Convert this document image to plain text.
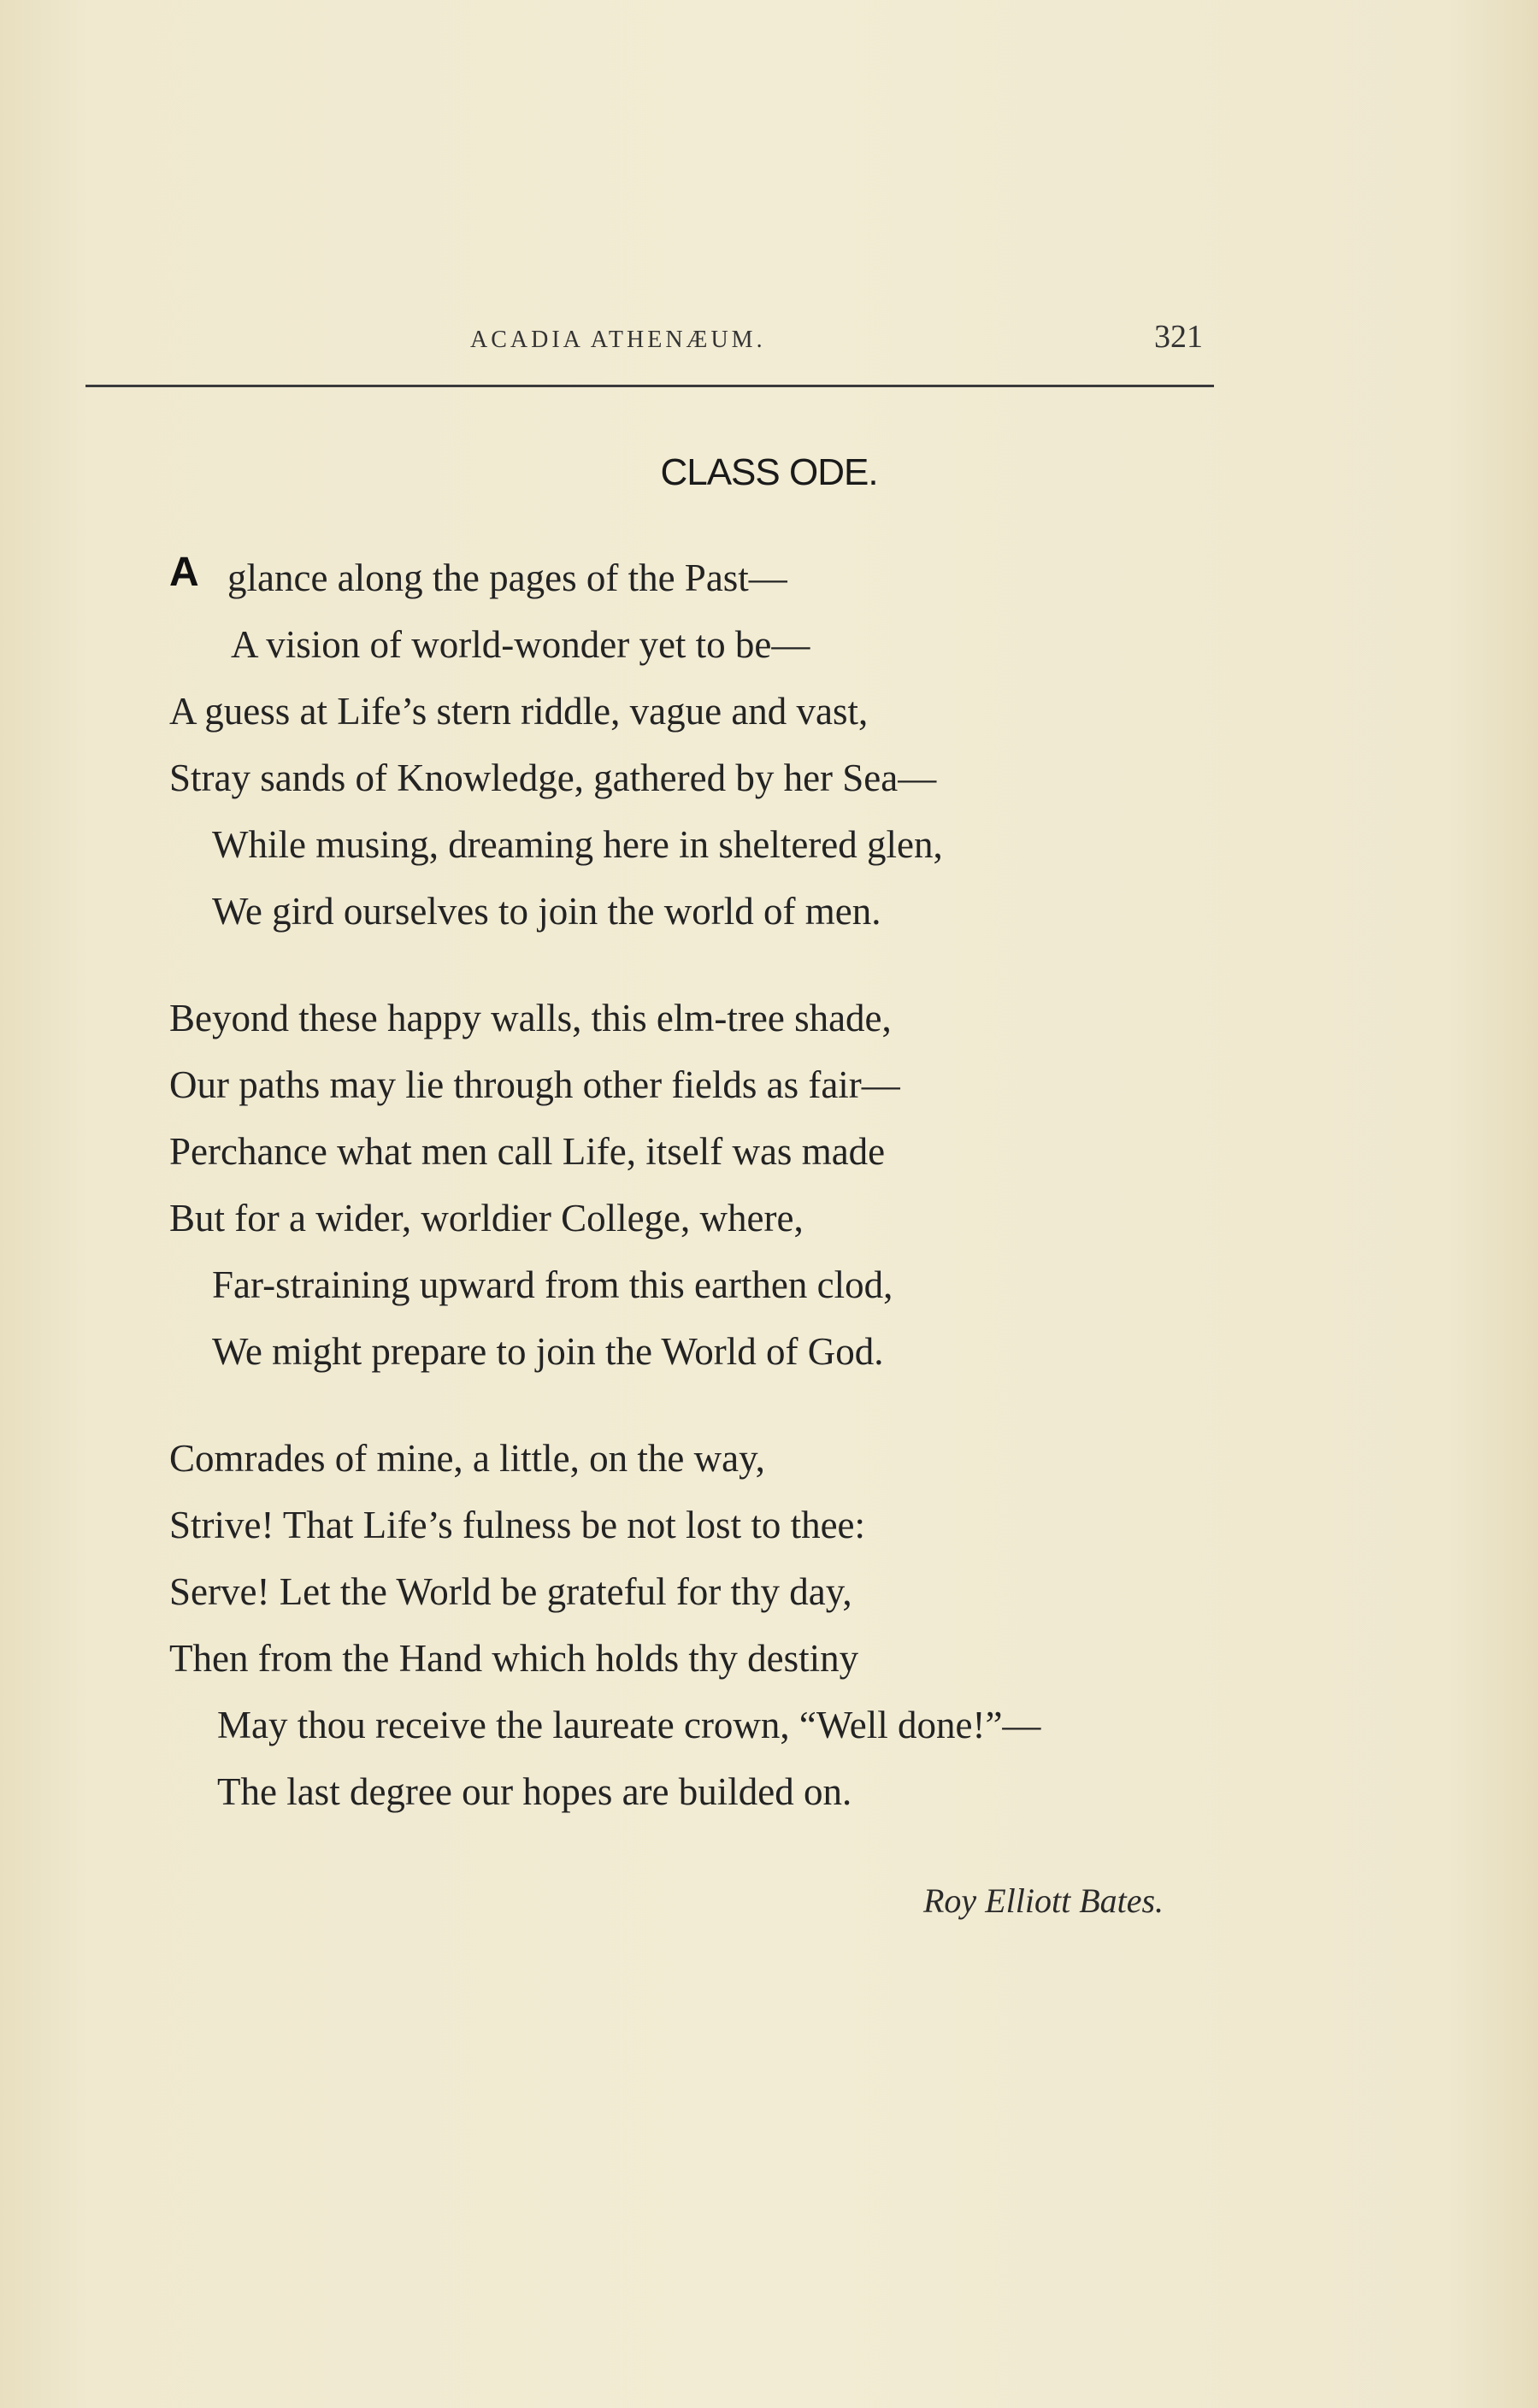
ACADIA ATHENÆUM.	321
CLASS ODE.
A glance along the pages of the Past—
A vision of world-wonder yet to be—
A guess at Life’s stern riddle, vague and vast,
Stray sands of Knowledge, gathered by her Sea—
While musing, dreaming here in sheltered glen,
We gird ourselves to join the world of men.
Beyond these happy walls, this elm-tree shade,
Our paths may lie through other fields as fair—
Perchance what men call Life, itself was made
But for a wider, worldier College, where,
Far-straining upward from this earthen clod,
We might prepare to join the World of God.
Comrades of mine, a little, on the way,
Strive! That Life’s fulness be not lost to thee:
Serve! Let the World be grateful for thy day,
Then from the Hand which holds thy destiny
May thou receive the laureate crown, “Well done!”—
The last degree our hopes are builded on.
Roy Elliott Bates.
